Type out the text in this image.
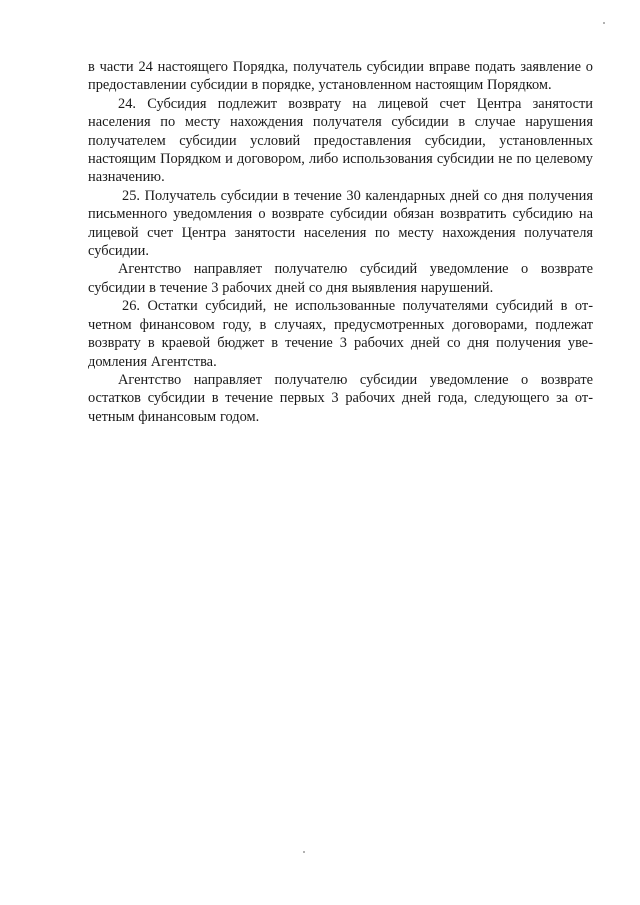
в части 24 настоящего Порядка, получатель субсидии вправе подать заявление о предоставлении субсидии в порядке, установленном настоящим Порядком.

24. Субсидия подлежит возврату на лицевой счет Центра занятости населения по месту нахождения получателя субсидии в случае нарушения получателем субсидии условий предоставления субсидии, установленных настоящим Порядком и договором, либо использования субсидии не по целевому назначению.

25. Получатель субсидии в течение 30 календарных дней со дня получения письменного уведомления о возврате субсидии обязан возвратить субсидию на лицевой счет Центра занятости населения по месту нахождения получателя субсидии.

Агентство направляет получателю субсидий уведомление о возврате субсидии в течение 3 рабочих дней со дня выявления нарушений.

26. Остатки субсидий, не использованные получателями субсидий в отчетном финансовом году, в случаях, предусмотренных договорами, подлежат возврату в краевой бюджет в течение 3 рабочих дней со дня получения уведомления Агентства.

Агентство направляет получателю субсидии уведомление о возврате остатков субсидии в течение первых 3 рабочих дней года, следующего за отчетным финансовым годом.
